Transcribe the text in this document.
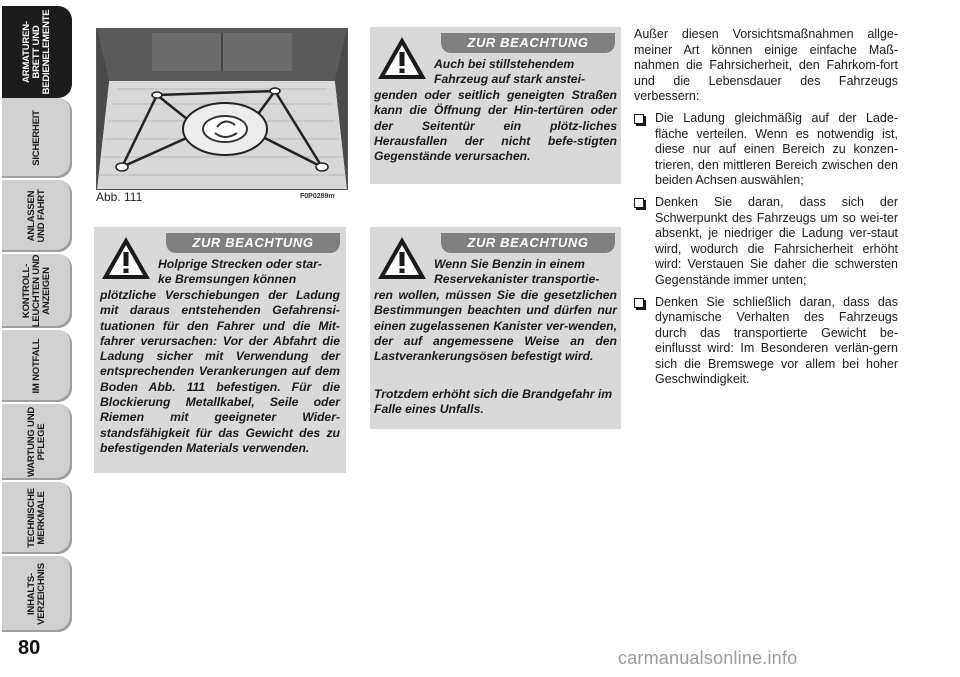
ARMATUREN-
BRETT UND
BEDIENELEMENTE
SICHERHEIT
ANLASSEN
UND FAHRT
KONTROLL-
LEUCHTEN UND
ANZEIGEN
IM NOTFALL
WARTUNG UND
PFLEGE
TECHNISCHE
MERKMALE
INHALTS-
VERZEICHNIS
80
Abb. 111	F0P0289m
ZUR BEACHTUNG

Holprige Strecken oder star-
ke Bremsungen können

plötzliche Verschiebungen der Ladung mit daraus entstehenden Gefahrensi-tuationen für den Fahrer und die Mit-fahrer verursachen: Vor der Abfahrt die Ladung sicher mit Verwendung der entsprechenden Verankerungen auf dem Boden Abb. 111 befestigen. Für die Blockierung Metallkabel, Seile oder Riemen mit geeigneter Wider-standsfähigkeit für das Gewicht des zu befestigenden Materials verwenden.

ZUR BEACHTUNG

Auch bei stillstehendem
Fahrzeug auf stark anstei-

genden oder seitlich geneigten Straßen kann die Öffnung der Hin-tertüren oder der Seitentür ein plötz-liches Herausfallen der nicht befe-stigten Gegenstände verursachen.

ZUR BEACHTUNG

Wenn Sie Benzin in einem
Reservekanister transportie-

ren wollen, müssen Sie die gesetzlichen Bestimmungen beachten und dürfen nur einen zugelassenen Kanister ver-wenden, der auf angemessene Weise an den Lastverankerungsösen befestigt wird.

Trotzdem erhöht sich die Brandgefahr im Falle eines Unfalls.

Außer diesen Vorsichtsmaßnahmen allge-meiner Art können einige einfache Maß-nahmen die Fahrsicherheit, den Fahrkom-fort und die Lebensdauer des Fahrzeugs verbessern:

Die Ladung gleichmäßig auf der Lade-fläche verteilen. Wenn es notwendig ist, diese nur auf einen Bereich zu konzen-trieren, den mittleren Bereich zwischen den beiden Achsen auswählen;
Denken Sie daran, dass sich der Schwerpunkt des Fahrzeugs um so wei-ter absenkt, je niedriger die Ladung ver-staut wird, wodurch die Fahrsicherheit erhöht wird: Verstauen Sie daher die schwersten Gegenstände immer unten;
Denken Sie schließlich daran, dass das dynamische Verhalten des Fahrzeugs durch das transportierte Gewicht be-einflusst wird: Im Besonderen verlän-gern sich die Bremswege vor allem bei hoher Geschwindigkeit.
carmanualsonline.info
